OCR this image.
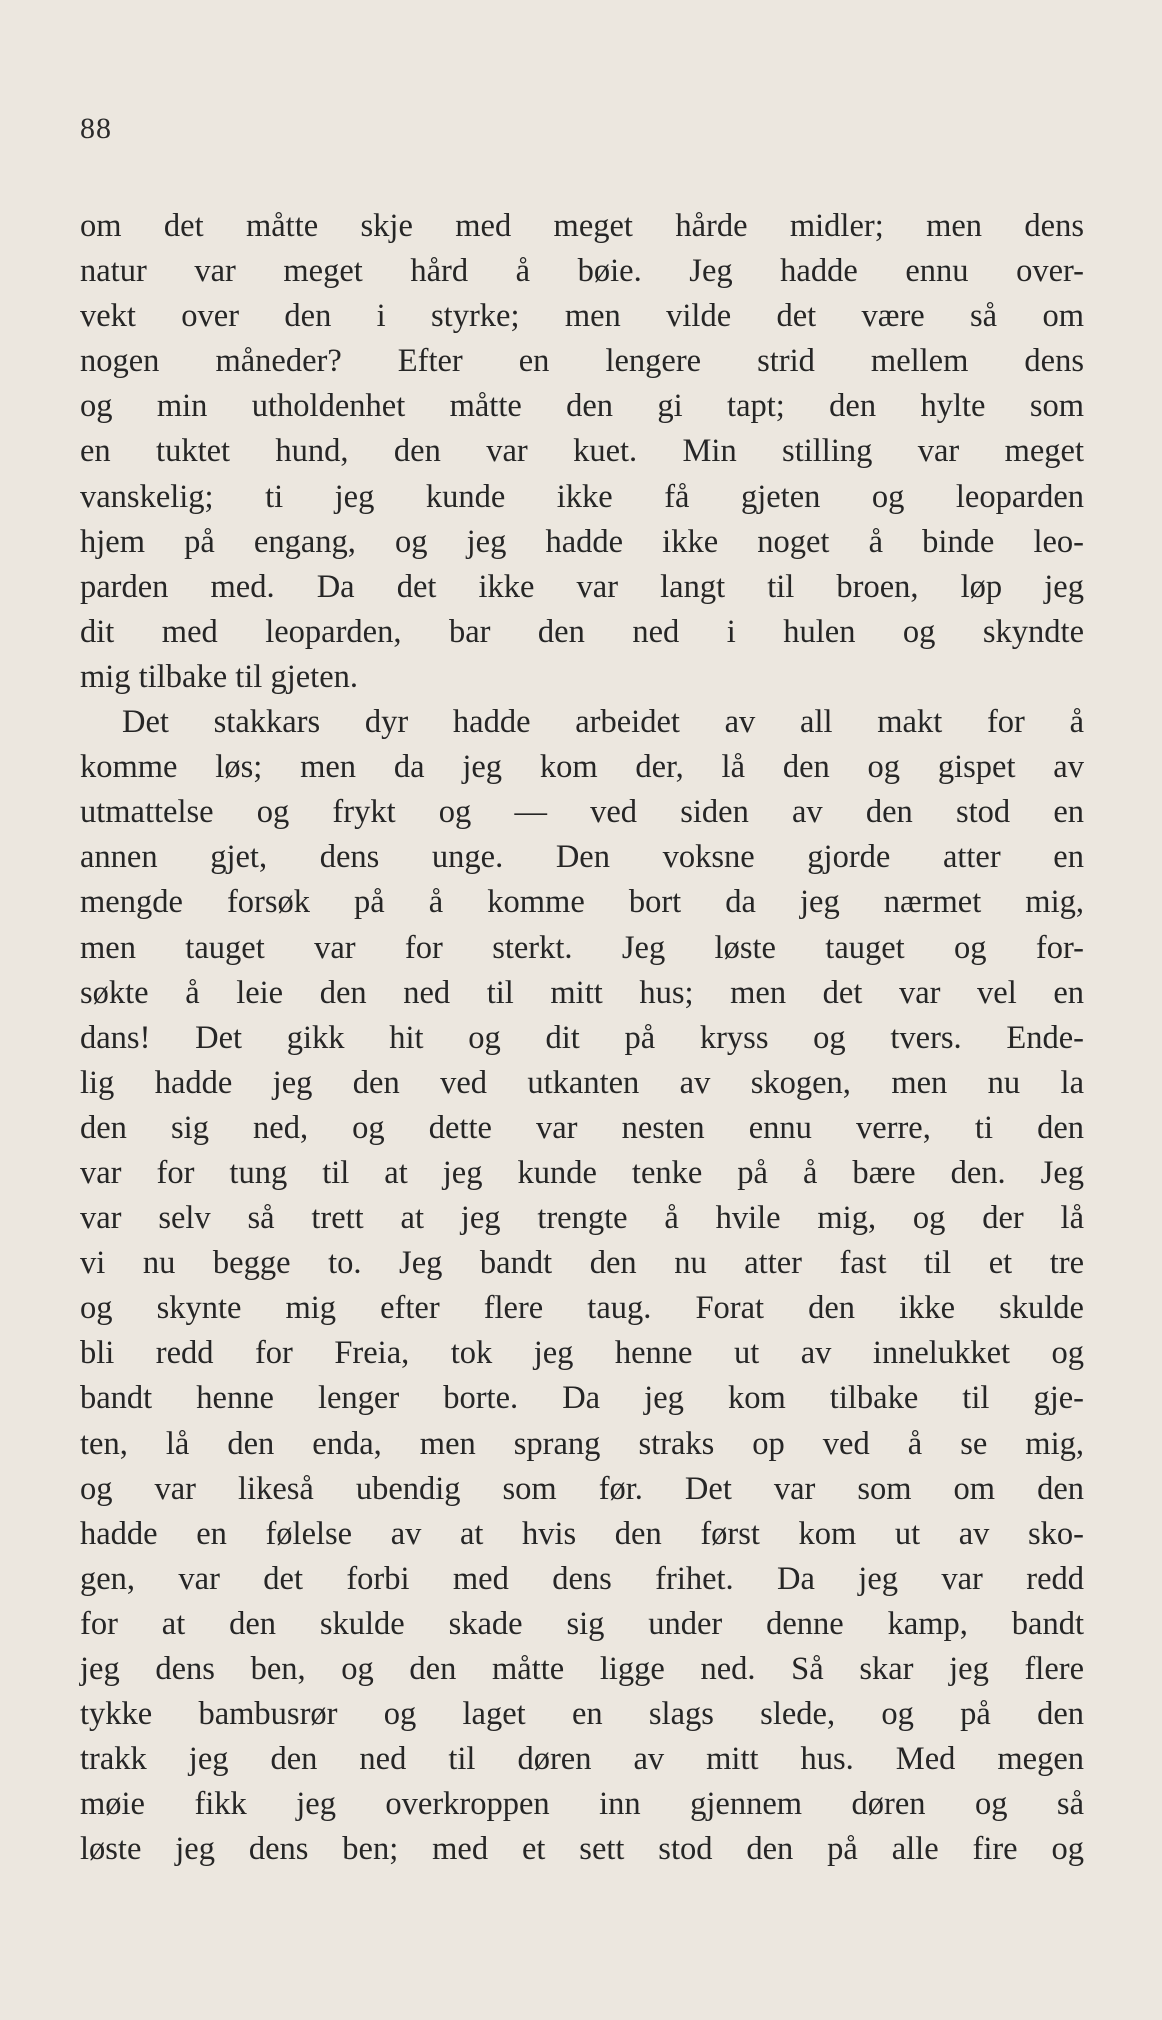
88
om det måtte skje med meget hårde midler; men dens
natur var meget hård å bøie. Jeg hadde ennu over-
vekt over den i styrke; men vilde det være så om
nogen måneder? Efter en lengere strid mellem dens
og min utholdenhet måtte den gi tapt; den hylte som
en tuktet hund, den var kuet. Min stilling var meget
vanskelig; ti jeg kunde ikke få gjeten og leoparden
hjem på engang, og jeg hadde ikke noget å binde leo-
parden med. Da det ikke var langt til broen, løp jeg
dit med leoparden, bar den ned i hulen og skyndte
mig tilbake til gjeten.
Det stakkars dyr hadde arbeidet av all makt for å
komme løs; men da jeg kom der, lå den og gispet av
utmattelse og frykt og — ved siden av den stod en
annen gjet, dens unge. Den voksne gjorde atter en
mengde forsøk på å komme bort da jeg nærmet mig,
men tauget var for sterkt. Jeg løste tauget og for-
søkte å leie den ned til mitt hus; men det var vel en
dans! Det gikk hit og dit på kryss og tvers. Ende-
lig hadde jeg den ved utkanten av skogen, men nu la
den sig ned, og dette var nesten ennu verre, ti den
var for tung til at jeg kunde tenke på å bære den. Jeg
var selv så trett at jeg trengte å hvile mig, og der lå
vi nu begge to. Jeg bandt den nu atter fast til et tre
og skynte mig efter flere taug. Forat den ikke skulde
bli redd for Freia, tok jeg henne ut av innelukket og
bandt henne lenger borte. Da jeg kom tilbake til gje-
ten, lå den enda, men sprang straks op ved å se mig,
og var likeså ubendig som før. Det var som om den
hadde en følelse av at hvis den først kom ut av sko-
gen, var det forbi med dens frihet. Da jeg var redd
for at den skulde skade sig under denne kamp, bandt
jeg dens ben, og den måtte ligge ned. Så skar jeg flere
tykke bambusrør og laget en slags slede, og på den
trakk jeg den ned til døren av mitt hus. Med megen
møie fikk jeg overkroppen inn gjennem døren og så
løste jeg dens ben; med et sett stod den på alle fire og
